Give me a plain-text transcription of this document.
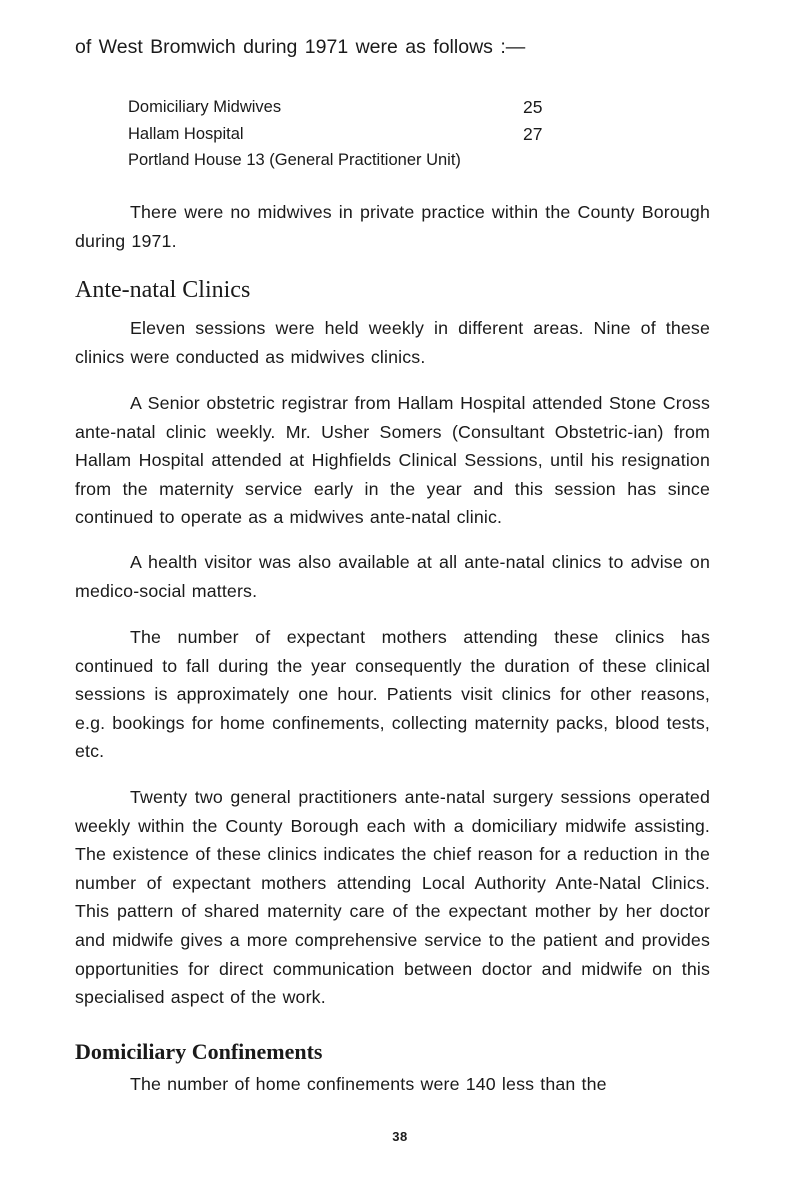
of West Bromwich during 1971 were as follows :—
Domiciliary Midwives	25
Hallam Hospital	27
Portland House 13 (General Practitioner Unit)

There were no midwives in private practice within the County Borough during 1971.

Ante-natal Clinics

Eleven sessions were held weekly in different areas. Nine of these clinics were conducted as midwives clinics.

A Senior obstetric registrar from Hallam Hospital attended Stone Cross ante-natal clinic weekly. Mr. Usher Somers (Consultant Obstetric-ian) from Hallam Hospital attended at Highfields Clinical Sessions, until his resignation from the maternity service early in the year and this session has since continued to operate as a midwives ante-natal clinic.

A health visitor was also available at all ante-natal clinics to advise on medico-social matters.

The number of expectant mothers attending these clinics has continued to fall during the year consequently the duration of these clinical sessions is approximately one hour. Patients visit clinics for other reasons, e.g. bookings for home confinements, collecting maternity packs, blood tests, etc.

Twenty two general practitioners ante-natal surgery sessions operated weekly within the County Borough each with a domiciliary midwife assisting. The existence of these clinics indicates the chief reason for a reduction in the number of expectant mothers attending Local Authority Ante-Natal Clinics. This pattern of shared maternity care of the expectant mother by her doctor and midwife gives a more comprehensive service to the patient and provides opportunities for direct communication between doctor and midwife on this specialised aspect of the work.

Domiciliary Confinements

The number of home confinements were 140 less than the

38
